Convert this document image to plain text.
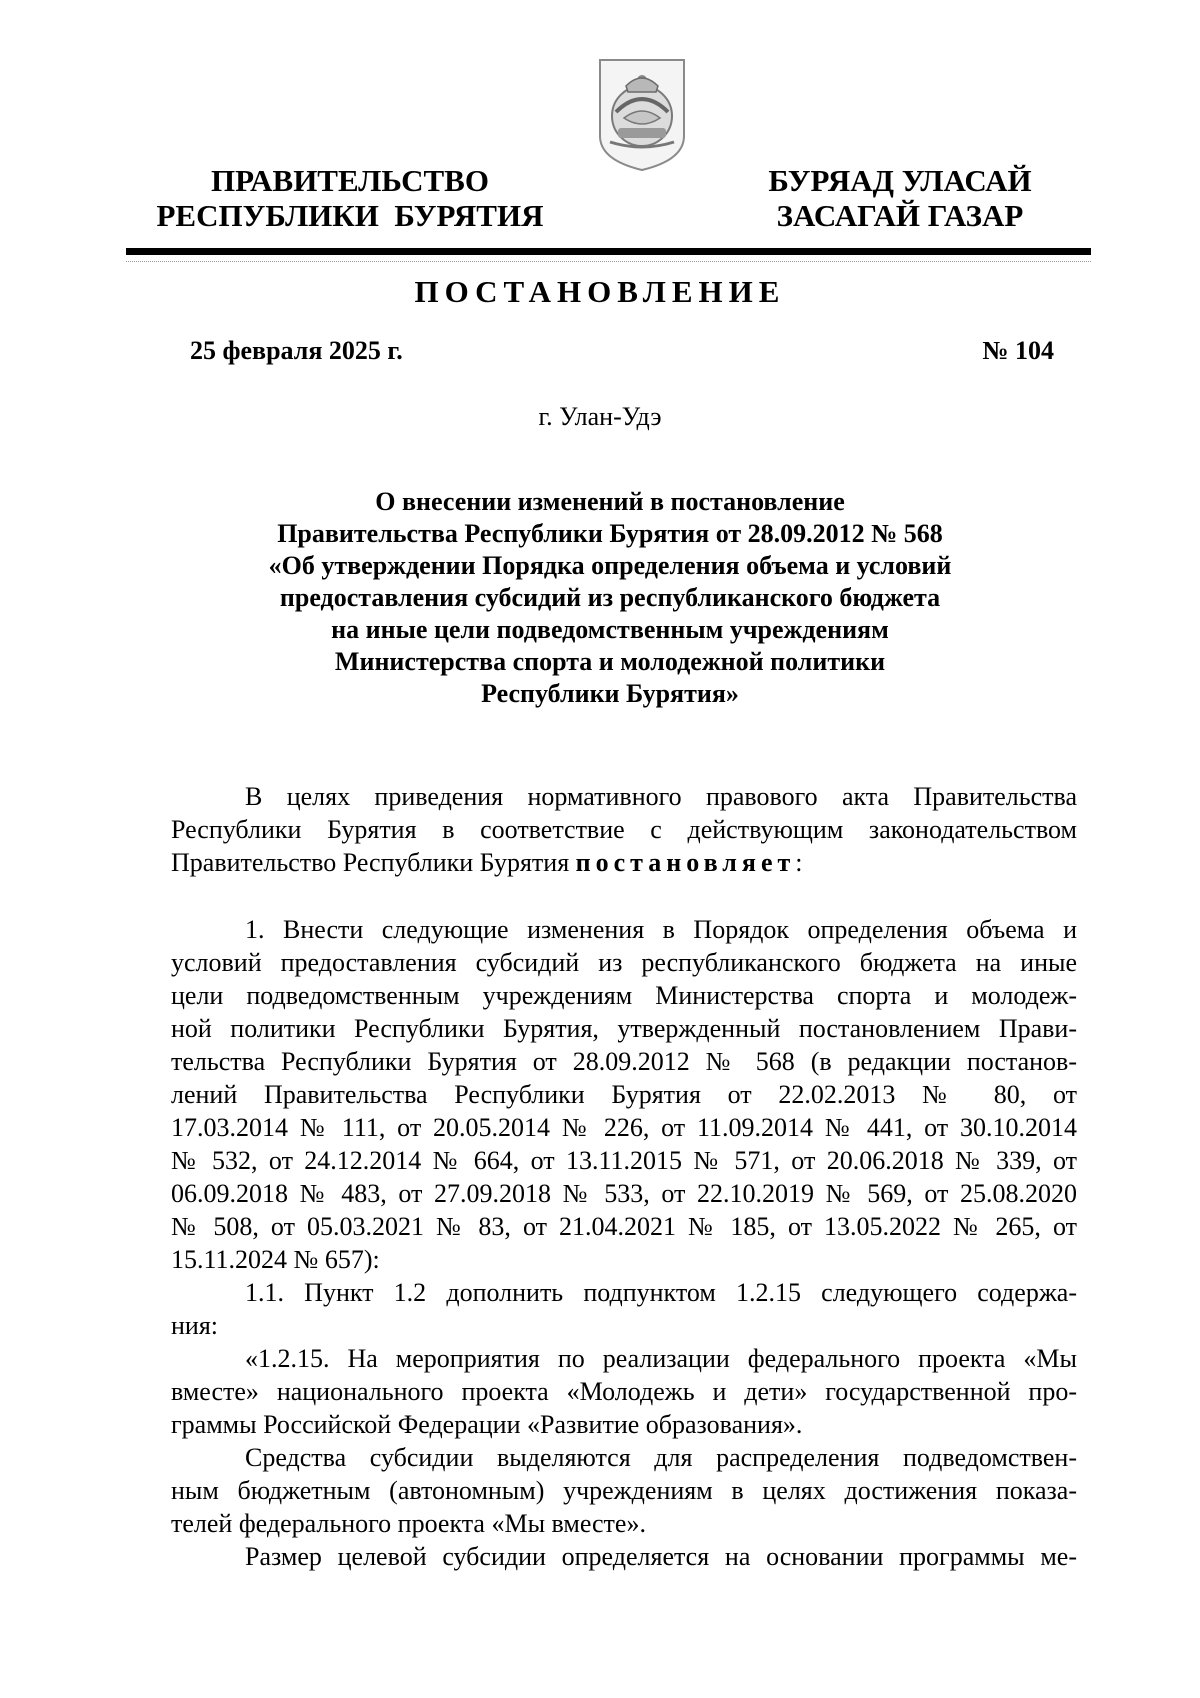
ПРАВИТЕЛЬСТВО
РЕСПУБЛИКИ  БУРЯТИЯ
БУРЯАД УЛАСАЙ
ЗАСАГАЙ ГАЗАР
ПОСТАНОВЛЕНИЕ
25 февраля 2025 г.	№ 104
г. Улан-Удэ
О внесении изменений в постановление
Правительства Республики Бурятия от 28.09.2012 № 568
«Об утверждении Порядка определения объема и условий
предоставления субсидий из республиканского бюджета
на иные цели подведомственным учреждениям
Министерства спорта и молодежной политики
Республики Бурятия»
В целях приведения нормативного правового акта Правительства
Республики Бурятия в соответствие с действующим законодательством
Правительство Республики Бурятия постановляет:
1. Внести следующие изменения в Порядок определения объема и
условий предоставления субсидий из республиканского бюджета на иные
цели подведомственным учреждениям Министерства спорта и молодеж-
ной политики Республики Бурятия, утвержденный постановлением Прави-
тельства Республики Бурятия от 28.09.2012 № 568 (в редакции постанов-
лений Правительства Республики Бурятия от 22.02.2013 № 80, от
17.03.2014 № 111, от 20.05.2014 № 226, от 11.09.2014 № 441, от 30.10.2014
№ 532, от 24.12.2014 № 664, от 13.11.2015 № 571, от 20.06.2018 № 339, от
06.09.2018 № 483, от 27.09.2018 № 533, от 22.10.2019 № 569, от 25.08.2020
№ 508, от 05.03.2021 № 83, от 21.04.2021 № 185, от 13.05.2022 № 265, от
15.11.2024 № 657):
1.1. Пункт 1.2 дополнить подпунктом 1.2.15 следующего содержа-
ния:
«1.2.15. На мероприятия по реализации федерального проекта «Мы
вместе» национального проекта «Молодежь и дети» государственной про-
граммы Российской Федерации «Развитие образования».
Средства субсидии выделяются для распределения подведомствен-
ным бюджетным (автономным) учреждениям в целях достижения показа-
телей федерального проекта «Мы вместе».
Размер целевой субсидии определяется на основании программы ме-
